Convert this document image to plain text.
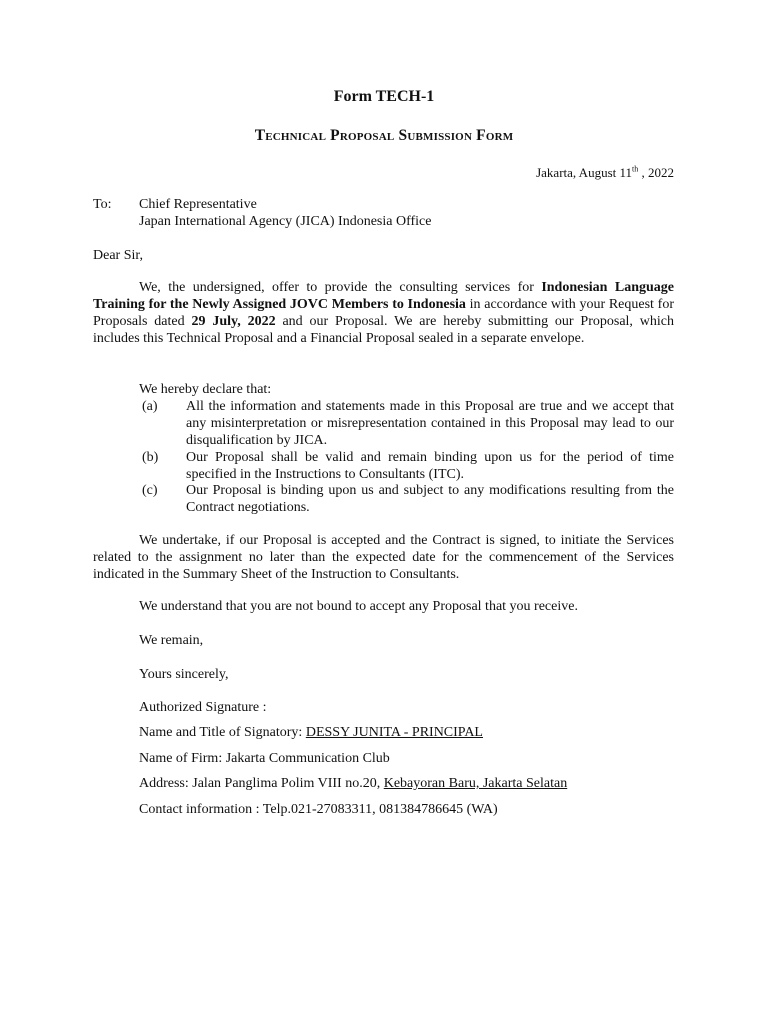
Form TECH-1
Technical Proposal Submission Form
Jakarta, August 11th , 2022
To: Chief Representative
Japan International Agency (JICA) Indonesia Office
Dear Sir,
We, the undersigned, offer to provide the consulting services for Indonesian Language Training for the Newly Assigned JOVC Members to Indonesia in accordance with your Request for Proposals dated 29 July, 2022 and our Proposal. We are hereby submitting our Proposal, which includes this Technical Proposal and a Financial Proposal sealed in a separate envelope.
We hereby declare that:
(a) All the information and statements made in this Proposal are true and we accept that any misinterpretation or misrepresentation contained in this Proposal may lead to our disqualification by JICA.
(b) Our Proposal shall be valid and remain binding upon us for the period of time specified in the Instructions to Consultants (ITC).
(c) Our Proposal is binding upon us and subject to any modifications resulting from the Contract negotiations.
We undertake, if our Proposal is accepted and the Contract is signed, to initiate the Services related to the assignment no later than the expected date for the commencement of the Services indicated in the Summary Sheet of the Instruction to Consultants.
We understand that you are not bound to accept any Proposal that you receive.
We remain,
Yours sincerely,
Authorized Signature :
Name and Title of Signatory: DESSY JUNITA - PRINCIPAL
Name of Firm: Jakarta Communication Club
Address: Jalan Panglima Polim VIII no.20, Kebayoran Baru, Jakarta Selatan
Contact information : Telp.021-27083311, 081384786645 (WA)
